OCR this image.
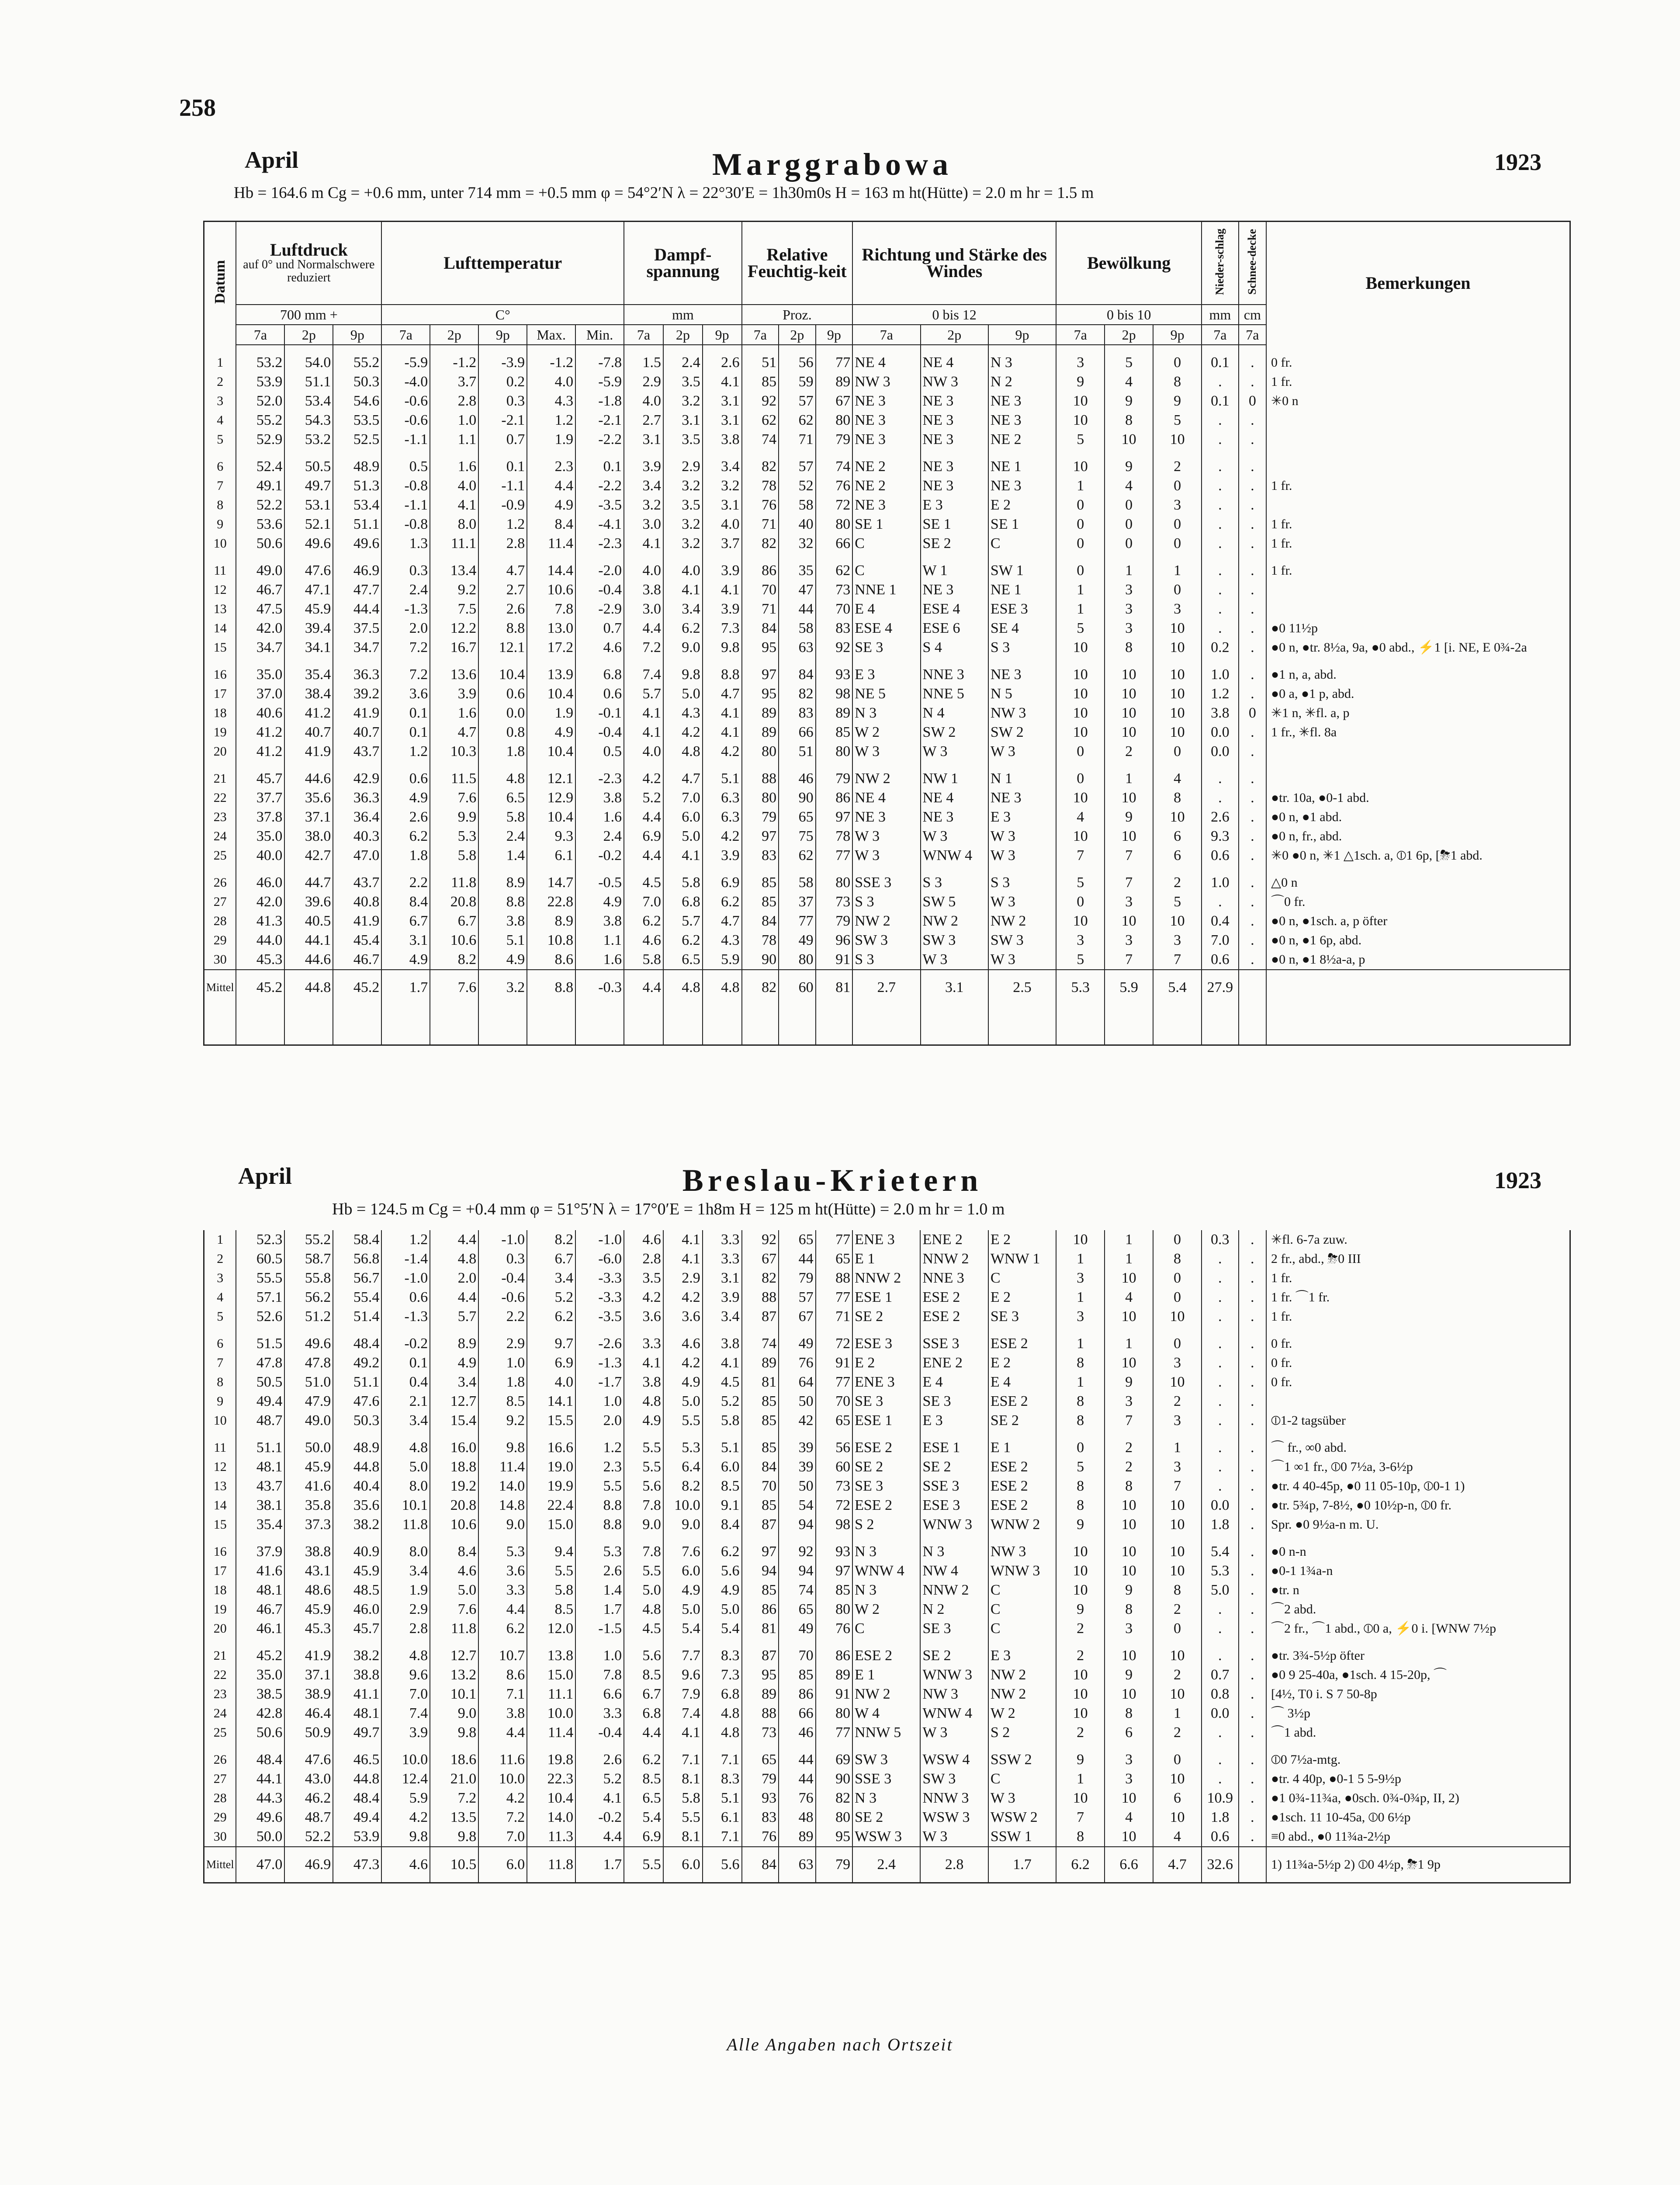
258
April	Marggrabowa	1923
Hb = 164.6 m Cg = +0.6 mm, unter 714 mm = +0.5 mm φ = 54°2′N λ = 22°30′E = 1h30m0s H = 163 m ht(Hütte) = 2.0 m hr = 1.5 m
Datum	Luftdruck
auf 0° und Normalschwere reduziert			Lufttemperatur					Dampf-spannung			Relative Feuchtig-keit			Richtung und Stärke des Windes			Bewölkung			Nieder-schlag	Schnee-decke	Bemerkungen
	700 mm +			C°					mm			Proz.			0 bis 12			0 bis 10			mm	cm	
	7a	2p	9p	7a	2p	9p	Max.	Min.	7a	2p	9p	7a	2p	9p	7a	2p	9p	7a	2p	9p	7a	7a	

1	53.2	54.0	55.2	-5.9	-1.2	-3.9	-1.2	-7.8	1.5	2.4	2.6	51	56	77	NE 4	NE 4	N 3	3	5	0	0.1	.	0 fr.
2	53.9	51.1	50.3	-4.0	3.7	0.2	4.0	-5.9	2.9	3.5	4.1	85	59	89	NW 3	NW 3	N 2	9	4	8	.	.	1 fr.
3	52.0	53.4	54.6	-0.6	2.8	0.3	4.3	-1.8	4.0	3.2	3.1	92	57	67	NE 3	NE 3	NE 3	10	9	9	0.1	0	✳0 n
4	55.2	54.3	53.5	-0.6	1.0	-2.1	1.2	-2.1	2.7	3.1	3.1	62	62	80	NE 3	NE 3	NE 3	10	8	5	.	.	
5	52.9	53.2	52.5	-1.1	1.1	0.7	1.9	-2.2	3.1	3.5	3.8	74	71	79	NE 3	NE 3	NE 2	5	10	10	.	.	

6	52.4	50.5	48.9	0.5	1.6	0.1	2.3	0.1	3.9	2.9	3.4	82	57	74	NE 2	NE 3	NE 1	10	9	2	.	.	
7	49.1	49.7	51.3	-0.8	4.0	-1.1	4.4	-2.2	3.4	3.2	3.2	78	52	76	NE 2	NE 3	NE 3	1	4	0	.	.	1 fr.
8	52.2	53.1	53.4	-1.1	4.1	-0.9	4.9	-3.5	3.2	3.5	3.1	76	58	72	NE 3	E 3	E 2	0	0	3	.	.	
9	53.6	52.1	51.1	-0.8	8.0	1.2	8.4	-4.1	3.0	3.2	4.0	71	40	80	SE 1	SE 1	SE 1	0	0	0	.	.	1 fr.
10	50.6	49.6	49.6	1.3	11.1	2.8	11.4	-2.3	4.1	3.2	3.7	82	32	66	C	SE 2	C	0	0	0	.	.	1 fr.

11	49.0	47.6	46.9	0.3	13.4	4.7	14.4	-2.0	4.0	4.0	3.9	86	35	62	C	W 1	SW 1	0	1	1	.	.	1 fr.
12	46.7	47.1	47.7	2.4	9.2	2.7	10.6	-0.4	3.8	4.1	4.1	70	47	73	NNE 1	NE 3	NE 1	1	3	0	.	.	
13	47.5	45.9	44.4	-1.3	7.5	2.6	7.8	-2.9	3.0	3.4	3.9	71	44	70	E 4	ESE 4	ESE 3	1	3	3	.	.	
14	42.0	39.4	37.5	2.0	12.2	8.8	13.0	0.7	4.4	6.2	7.3	84	58	83	ESE 4	ESE 6	SE 4	5	3	10	.	.	●0 11½p
15	34.7	34.1	34.7	7.2	16.7	12.1	17.2	4.6	7.2	9.0	9.8	95	63	92	SE 3	S 4	S 3	10	8	10	0.2	.	●0 n, ●tr. 8½a, 9a, ●0 abd., ⚡1 [i. NE, E 0¾-2a

16	35.0	35.4	36.3	7.2	13.6	10.4	13.9	6.8	7.4	9.8	8.8	97	84	93	E 3	NNE 3	NE 3	10	10	10	1.0	.	●1 n, a, abd.
17	37.0	38.4	39.2	3.6	3.9	0.6	10.4	0.6	5.7	5.0	4.7	95	82	98	NE 5	NNE 5	N 5	10	10	10	1.2	.	●0 a, ●1 p, abd.
18	40.6	41.2	41.9	0.1	1.6	0.0	1.9	-0.1	4.1	4.3	4.1	89	83	89	N 3	N 4	NW 3	10	10	10	3.8	0	✳1 n, ✳fl. a, p
19	41.2	40.7	40.7	0.1	4.7	0.8	4.9	-0.4	4.1	4.2	4.1	89	66	85	W 2	SW 2	SW 2	10	10	10	0.0	.	1 fr., ✳fl. 8a
20	41.2	41.9	43.7	1.2	10.3	1.8	10.4	0.5	4.0	4.8	4.2	80	51	80	W 3	W 3	W 3	0	2	0	0.0	.	

21	45.7	44.6	42.9	0.6	11.5	4.8	12.1	-2.3	4.2	4.7	5.1	88	46	79	NW 2	NW 1	N 1	0	1	4	.	.	
22	37.7	35.6	36.3	4.9	7.6	6.5	12.9	3.8	5.2	7.0	6.3	80	90	86	NE 4	NE 4	NE 3	10	10	8	.	.	●tr. 10a, ●0-1 abd.
23	37.8	37.1	36.4	2.6	9.9	5.8	10.4	1.6	4.4	6.0	6.3	79	65	97	NE 3	NE 3	E 3	4	9	10	2.6	.	●0 n, ●1 abd.
24	35.0	38.0	40.3	6.2	5.3	2.4	9.3	2.4	6.9	5.0	4.2	97	75	78	W 3	W 3	W 3	10	10	6	9.3	.	●0 n, fr., abd.
25	40.0	42.7	47.0	1.8	5.8	1.4	6.1	-0.2	4.4	4.1	3.9	83	62	77	W 3	WNW 4	W 3	7	7	6	0.6	.	✳0 ●0 n, ✳1 △1sch. a, ⦶1 6p, [⛈1 abd.

26	46.0	44.7	43.7	2.2	11.8	8.9	14.7	-0.5	4.5	5.8	6.9	85	58	80	SSE 3	S 3	S 3	5	7	2	1.0	.	△0 n
27	42.0	39.6	40.8	8.4	20.8	8.8	22.8	4.9	7.0	6.8	6.2	85	37	73	S 3	SW 5	W 3	0	3	5	.	.	⌒0 fr.
28	41.3	40.5	41.9	6.7	6.7	3.8	8.9	3.8	6.2	5.7	4.7	84	77	79	NW 2	NW 2	NW 2	10	10	10	0.4	.	●0 n, ●1sch. a, p öfter
29	44.0	44.1	45.4	3.1	10.6	5.1	10.8	1.1	4.6	6.2	4.3	78	49	96	SW 3	SW 3	SW 3	3	3	3	7.0	.	●0 n, ●1 6p, abd.
30	45.3	44.6	46.7	4.9	8.2	4.9	8.6	1.6	5.8	6.5	5.9	90	80	91	S 3	W 3	W 3	5	7	7	0.6	.	●0 n, ●1 8½a-a, p
Mittel	45.2	44.8	45.2	1.7	7.6	3.2	8.8	-0.3	4.4	4.8	4.8	82	60	81	2.7	3.1	2.5	5.3	5.9	5.4	27.9		

April	Breslau-Krietern	1923
Hb = 124.5 m Cg = +0.4 mm φ = 51°5′N λ = 17°0′E = 1h8m H = 125 m ht(Hütte) = 2.0 m hr = 1.0 m
1	52.3	55.2	58.4	1.2	4.4	-1.0	8.2	-1.0	4.6	4.1	3.3	92	65	77	ENE 3	ENE 2	E 2	10	1	0	0.3	.	✳fl. 6-7a zuw.
2	60.5	58.7	56.8	-1.4	4.8	0.3	6.7	-6.0	2.8	4.1	3.3	67	44	65	E 1	NNW 2	WNW 1	1	1	8	.	.	2 fr., abd., ⛈0 III
3	55.5	55.8	56.7	-1.0	2.0	-0.4	3.4	-3.3	3.5	2.9	3.1	82	79	88	NNW 2	NNE 3	C	3	10	0	.	.	1 fr.
4	57.1	56.2	55.4	0.6	4.4	-0.6	5.2	-3.3	4.2	4.2	3.9	88	57	77	ESE 1	ESE 2	E 2	1	4	0	.	.	1 fr. ⌒1 fr.
5	52.6	51.2	51.4	-1.3	5.7	2.2	6.2	-3.5	3.6	3.6	3.4	87	67	71	SE 2	ESE 2	SE 3	3	10	10	.	.	1 fr.

6	51.5	49.6	48.4	-0.2	8.9	2.9	9.7	-2.6	3.3	4.6	3.8	74	49	72	ESE 3	SSE 3	ESE 2	1	1	0	.	.	0 fr.
7	47.8	47.8	49.2	0.1	4.9	1.0	6.9	-1.3	4.1	4.2	4.1	89	76	91	E 2	ENE 2	E 2	8	10	3	.	.	0 fr.
8	50.5	51.0	51.1	0.4	3.4	1.8	4.0	-1.7	3.8	4.9	4.5	81	64	77	ENE 3	E 4	E 4	1	9	10	.	.	0 fr.
9	49.4	47.9	47.6	2.1	12.7	8.5	14.1	1.0	4.8	5.0	5.2	85	50	70	SE 3	SE 3	ESE 2	8	3	2	.	.	
10	48.7	49.0	50.3	3.4	15.4	9.2	15.5	2.0	4.9	5.5	5.8	85	42	65	ESE 1	E 3	SE 2	8	7	3	.	.	⦶1-2 tagsüber

11	51.1	50.0	48.9	4.8	16.0	9.8	16.6	1.2	5.5	5.3	5.1	85	39	56	ESE 2	ESE 1	E 1	0	2	1	.	.	⌒ fr., ∞0 abd.
12	48.1	45.9	44.8	5.0	18.8	11.4	19.0	2.3	5.5	6.4	6.0	84	39	60	SE 2	SE 2	ESE 2	5	2	3	.	.	⌒1 ∞1 fr., ⦶0 7½a, 3-6½p
13	43.7	41.6	40.4	8.0	19.2	14.0	19.9	5.5	5.6	8.2	8.5	70	50	73	SE 3	SSE 3	ESE 2	8	8	7	.	.	●tr. 4 40-45p, ●0 11 05-10p, ⦶0-1 1)
14	38.1	35.8	35.6	10.1	20.8	14.8	22.4	8.8	7.8	10.0	9.1	85	54	72	ESE 2	ESE 3	ESE 2	8	10	10	0.0	.	●tr. 5¾p, 7-8½, ●0 10½p-n, ⦶0 fr.
15	35.4	37.3	38.2	11.8	10.6	9.0	15.0	8.8	9.0	9.0	8.4	87	94	98	S 2	WNW 3	WNW 2	9	10	10	1.8	.	Spr. ●0 9½a-n m. U.

16	37.9	38.8	40.9	8.0	8.4	5.3	9.4	5.3	7.8	7.6	6.2	97	92	93	N 3	N 3	NW 3	10	10	10	5.4	.	●0 n-n
17	41.6	43.1	45.9	3.4	4.6	3.6	5.5	2.6	5.5	6.0	5.6	94	94	97	WNW 4	NW 4	WNW 3	10	10	10	5.3	.	●0-1 1¾a-n
18	48.1	48.6	48.5	1.9	5.0	3.3	5.8	1.4	5.0	4.9	4.9	85	74	85	N 3	NNW 2	C	10	9	8	5.0	.	●tr. n
19	46.7	45.9	46.0	2.9	7.6	4.4	8.5	1.7	4.8	5.0	5.0	86	65	80	W 2	N 2	C	9	8	2	.	.	⌒2 abd.
20	46.1	45.3	45.7	2.8	11.8	6.2	12.0	-1.5	4.5	5.4	5.4	81	49	76	C	SE 3	C	2	3	0	.	.	⌒2 fr., ⌒1 abd., ⦶0 a, ⚡0 i. [WNW 7½p

21	45.2	41.9	38.2	4.8	12.7	10.7	13.8	1.0	5.6	7.7	8.3	87	70	86	ESE 2	SE 2	E 3	2	10	10	.	.	●tr. 3¾-5½p öfter
22	35.0	37.1	38.8	9.6	13.2	8.6	15.0	7.8	8.5	9.6	7.3	95	85	89	E 1	WNW 3	NW 2	10	9	2	0.7	.	●0 9 25-40a, ●1sch. 4 15-20p, ⌒
23	38.5	38.9	41.1	7.0	10.1	7.1	11.1	6.6	6.7	7.9	6.8	89	86	91	NW 2	NW 3	NW 2	10	10	10	0.8	.	[4½, T0 i. S 7 50-8p
24	42.8	46.4	48.1	7.4	9.0	3.8	10.0	3.3	6.8	7.4	4.8	88	66	80	W 4	WNW 4	W 2	10	8	1	0.0	.	⌒ 3½p
25	50.6	50.9	49.7	3.9	9.8	4.4	11.4	-0.4	4.4	4.1	4.8	73	46	77	NNW 5	W 3	S 2	2	6	2	.	.	⌒1 abd.

26	48.4	47.6	46.5	10.0	18.6	11.6	19.8	2.6	6.2	7.1	7.1	65	44	69	SW 3	WSW 4	SSW 2	9	3	0	.	.	⦶0 7½a-mtg.
27	44.1	43.0	44.8	12.4	21.0	10.0	22.3	5.2	8.5	8.1	8.3	79	44	90	SSE 3	SW 3	C	1	3	10	.	.	●tr. 4 40p, ●0-1 5 5-9½p
28	44.3	46.2	48.4	5.9	7.2	4.2	10.4	4.1	6.5	5.8	5.1	93	76	82	N 3	NNW 3	W 3	10	10	6	10.9	.	●1 0¾-11¾a, ●0sch. 0¾-0¾p, II, 2)
29	49.6	48.7	49.4	4.2	13.5	7.2	14.0	-0.2	5.4	5.5	6.1	83	48	80	SE 2	WSW 3	WSW 2	7	4	10	1.8	.	●1sch. 11 10-45a, ⦶0 6½p
30	50.0	52.2	53.9	9.8	9.8	7.0	11.3	4.4	6.9	8.1	7.1	76	89	95	WSW 3	W 3	SSW 1	8	10	4	0.6	.	≡0 abd., ●0 11¾a-2½p
Mittel	47.0	46.9	47.3	4.6	10.5	6.0	11.8	1.7	5.5	6.0	5.6	84	63	79	2.4	2.8	1.7	6.2	6.6	4.7	32.6		1) 11¾a-5½p 2) ⦶0 4½p, ⛈1 9p
Alle Angaben nach Ortszeit
